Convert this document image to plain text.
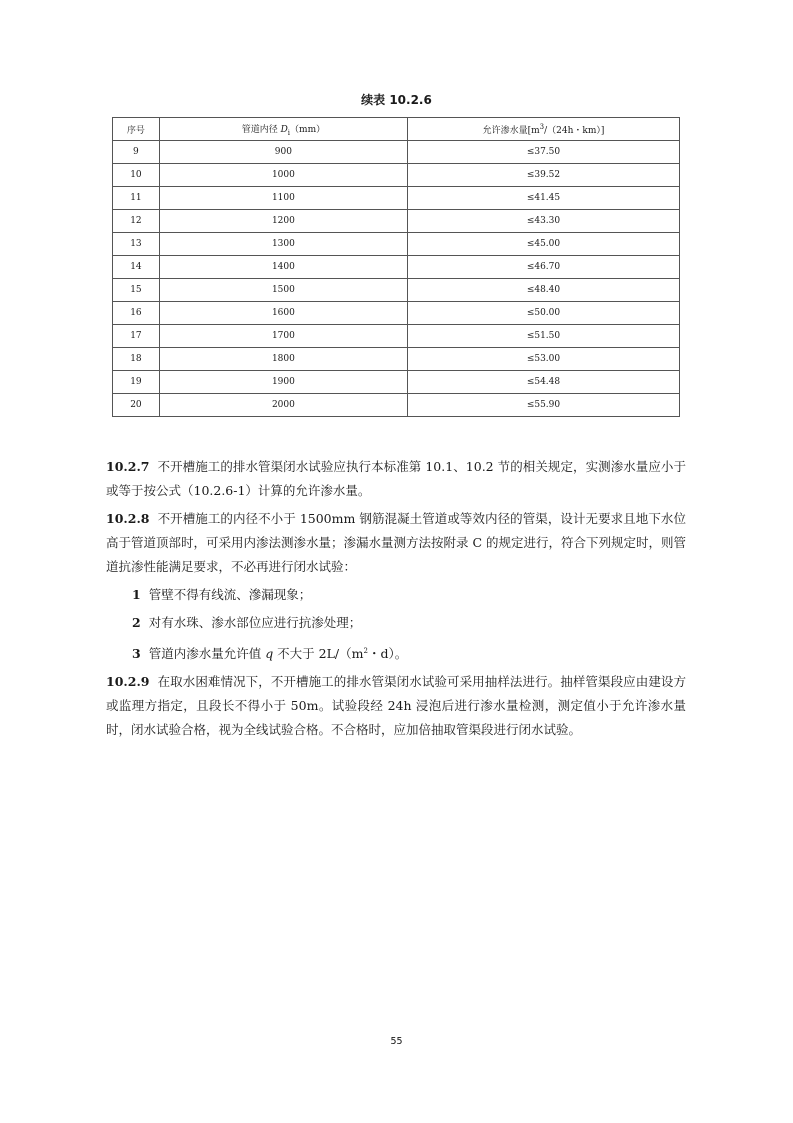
续表 10.2.6
序号	管道内径 $D_i(mm)$	允许渗水量[$m^3/(24h$・km）]
9	900	≤37.50
10	1000	≤39.52
11	1100	≤41.45
12	1200	≤43.30
13	1300	≤45.00
14	1400	≤46.70
15	1500	≤48.40
16	1600	≤50.00
17	1700	≤51.50
18	1800	≤53.00
19	1900	≤54.48
20	2000	≤55.90

10.2.7 不开槽施工的排水管渠闭水试验应执行本标准第 10.1、10.2 节的相关规定，实测渗水量应小于或等于按公式（10.2.6-1）计算的允许渗水量。

10.2.8 不开槽施工的内径不小于 1500mm 钢筋混凝土管道或等效内径的管渠，设计无要求且地下水位高于管道顶部时，可采用内渗法测渗水量；渗漏水量测方法按附录 C 的规定进行，符合下列规定时，则管道抗渗性能满足要求，不必再进行闭水试验：

1 管壁不得有线流、滲漏现象；

2 对有水珠、渗水部位应进行抗渗处理；

3 管道内渗水量允许值 q 不大于 $2L/(m^2$・d）。

10.2.9 在取水困难情况下，不开槽施工的排水管渠闭水试验可采用抽样法进行。抽样管渠段应由建设方或监理方指定，且段长不得小于 50m。试验段经 24h 浸泡后进行渗水量检测，测定值小于允许渗水量时，闭水试验合格，视为全线试验合格。不合格时，应加倍抽取管渠段进行闭水试验。

55
